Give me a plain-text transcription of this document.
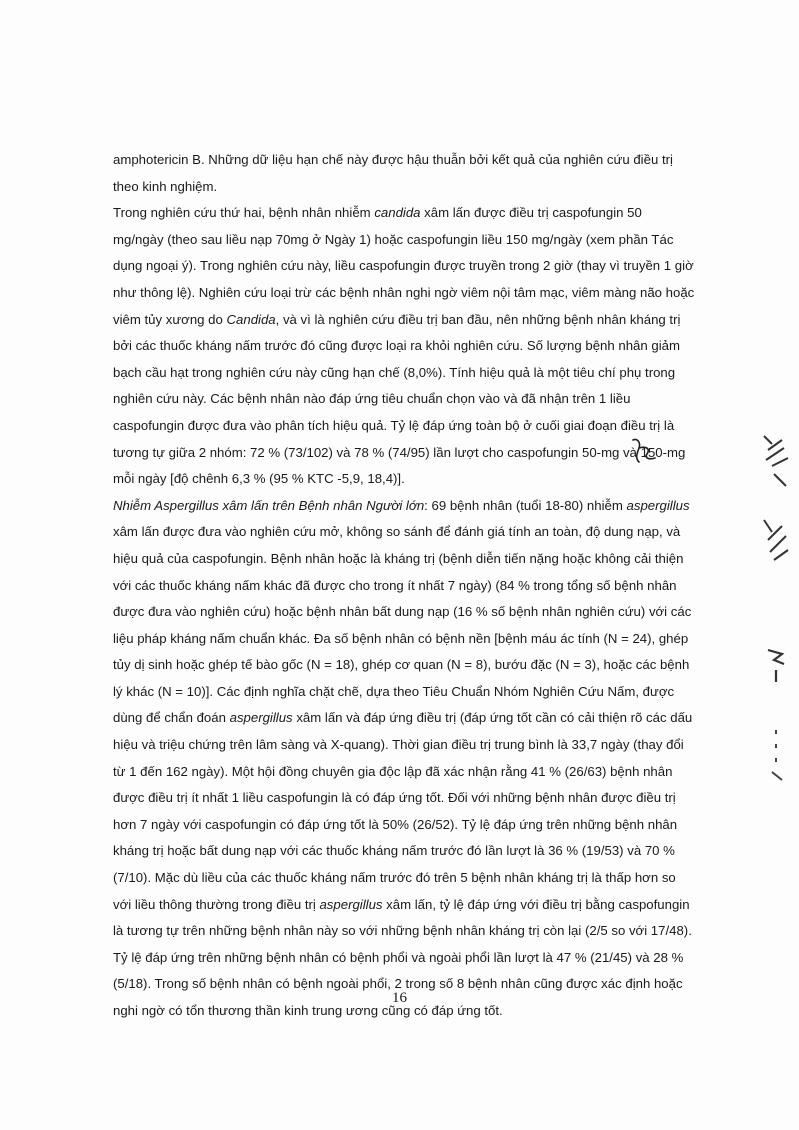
amphotericin B. Những dữ liệu hạn chế này được hậu thuẫn bởi kết quả của nghiên cứu điều trị theo kinh nghiệm.

Trong nghiên cứu thứ hai, bệnh nhân nhiễm candida xâm lấn được điều trị caspofungin 50 mg/ngày (theo sau liều nạp 70mg ở Ngày 1) hoặc caspofungin liều 150 mg/ngày (xem phần Tác dụng ngoại ý). Trong nghiên cứu này, liều caspofungin được truyền trong 2 giờ (thay vì truyền 1 giờ như thông lệ). Nghiên cứu loại trừ các bệnh nhân nghi ngờ viêm nội tâm mạc, viêm màng não hoặc viêm tủy xương do Candida, và vì là nghiên cứu điều trị ban đầu, nên những bệnh nhân kháng trị bởi các thuốc kháng nấm trước đó cũng được loại ra khỏi nghiên cứu. Số lượng bệnh nhân giảm bạch cầu hạt trong nghiên cứu này cũng hạn chế (8,0%). Tính hiệu quả là một tiêu chí phụ trong nghiên cứu này. Các bệnh nhân nào đáp ứng tiêu chuẩn chọn vào và đã nhận trên 1 liều caspofungin được đưa vào phân tích hiệu quả. Tỷ lệ đáp ứng toàn bộ ở cuối giai đoạn điều trị là tương tự giữa 2 nhóm: 72 % (73/102) và 78 % (74/95) lần lượt cho caspofungin 50-mg và 150-mg mỗi ngày [độ chênh 6,3 % (95 % KTC -5,9, 18,4)].

Nhiễm Aspergillus xâm lấn trên Bệnh nhân Người lớn: 69 bệnh nhân (tuổi 18-80) nhiễm aspergillus xâm lấn được đưa vào nghiên cứu mở, không so sánh để đánh giá tính an toàn, độ dung nạp, và hiệu quả của caspofungin. Bệnh nhân hoặc là kháng trị (bệnh diễn tiến nặng hoặc không cải thiện với các thuốc kháng nấm khác đã được cho trong ít nhất 7 ngày) (84 % trong tổng số bệnh nhân được đưa vào nghiên cứu) hoặc bệnh nhân bất dung nạp (16 % số bệnh nhân nghiên cứu) với các liệu pháp kháng nấm chuẩn khác. Đa số bệnh nhân có bệnh nền [bệnh máu ác tính (N = 24), ghép tủy dị sinh hoặc ghép tế bào gốc (N = 18), ghép cơ quan (N = 8), bướu đặc (N = 3), hoặc các bệnh lý khác (N = 10)]. Các định nghĩa chặt chẽ, dựa theo Tiêu Chuẩn Nhóm Nghiên Cứu Nấm, được dùng để chẩn đoán aspergillus xâm lấn và đáp ứng điều trị (đáp ứng tốt cần có cải thiện rõ các dấu hiệu và triệu chứng trên lâm sàng và X-quang). Thời gian điều trị trung bình là 33,7 ngày (thay đổi từ 1 đến 162 ngày). Một hội đồng chuyên gia độc lập đã xác nhận rằng 41 % (26/63) bệnh nhân được điều trị ít nhất 1 liều caspofungin là có đáp ứng tốt. Đối với những bệnh nhân được điều trị hơn 7 ngày với caspofungin có đáp ứng tốt là 50% (26/52). Tỷ lệ đáp ứng trên những bệnh nhân kháng trị hoặc bất dung nạp với các thuốc kháng nấm trước đó lần lượt là 36 % (19/53) và 70 % (7/10). Mặc dù liều của các thuốc kháng nấm trước đó trên 5 bệnh nhân kháng trị là thấp hơn so với liều thông thường trong điều trị aspergillus xâm lấn, tỷ lệ đáp ứng với điều trị bằng caspofungin là tương tự trên những bệnh nhân này so với những bệnh nhân kháng trị còn lại (2/5 so với 17/48). Tỷ lệ đáp ứng trên những bệnh nhân có bệnh phổi và ngoài phổi lần lượt là 47 % (21/45) và 28 % (5/18). Trong số bệnh nhân có bệnh ngoài phổi, 2 trong số 8 bệnh nhân cũng được xác định hoặc nghi ngờ có tổn thương thần kinh trung ương cũng có đáp ứng tốt.

16
